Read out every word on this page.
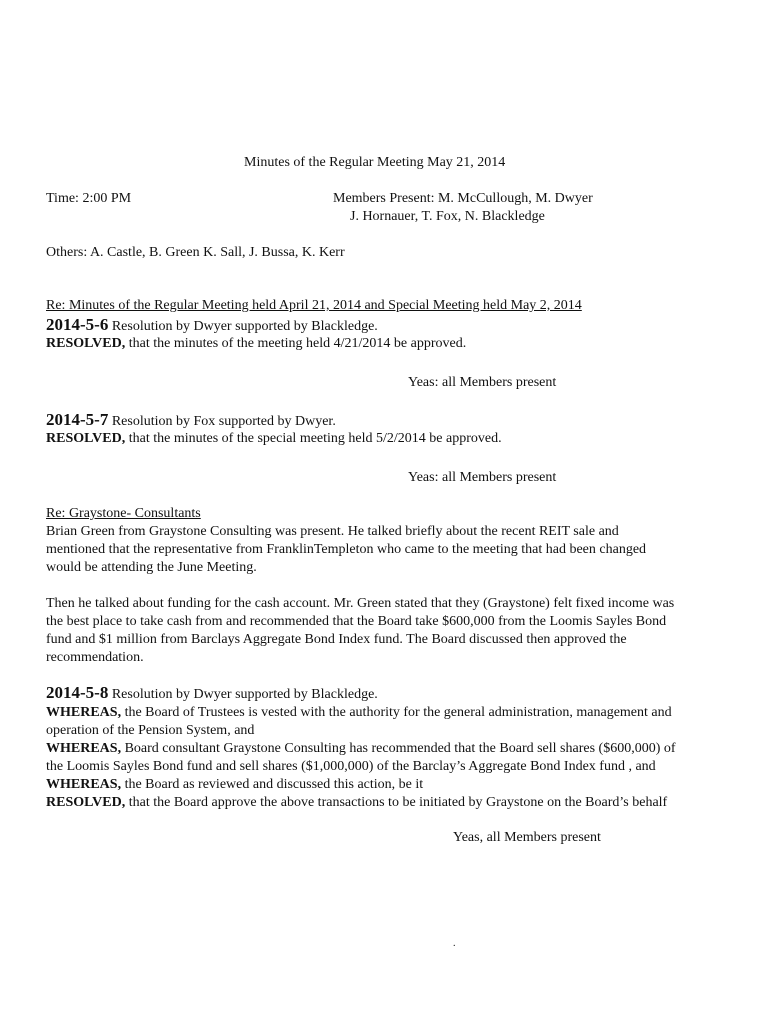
Minutes of the Regular Meeting May 21, 2014
Time: 2:00 PM	Members Present: M. McCullough, M. Dwyer
J. Hornauer, T. Fox, N. Blackledge
Others: A. Castle, B. Green K. Sall, J. Bussa, K. Kerr
Re: Minutes of the Regular Meeting held April 21, 2014 and Special Meeting held May 2, 2014
2014-5-6 Resolution by Dwyer supported by Blackledge.
RESOLVED, that the minutes of the meeting held 4/21/2014 be approved.
Yeas: all Members present
2014-5-7 Resolution by Fox supported by Dwyer.
RESOLVED, that the minutes of the special meeting held 5/2/2014 be approved.
Yeas: all Members present
Re: Graystone- Consultants
Brian Green from Graystone Consulting was present. He talked briefly about the recent REIT sale and
mentioned that the representative from FranklinTempleton who came to the meeting that had been changed
would be attending the June Meeting.
Then he talked about funding for the cash account. Mr. Green stated that they (Graystone) felt fixed income was
the best place to take cash from and recommended that the Board take $600,000 from the Loomis Sayles Bond
fund and $1 million from Barclays Aggregate Bond Index fund. The Board discussed then approved the
recommendation.
2014-5-8 Resolution by Dwyer supported by Blackledge.
WHEREAS, the Board of Trustees is vested with the authority for the general administration, management and
operation of the Pension System, and
WHEREAS, Board consultant Graystone Consulting has recommended that the Board sell shares ($600,000) of
the Loomis Sayles Bond fund and sell shares ($1,000,000) of the Barclay’s Aggregate Bond Index fund , and
WHEREAS, the Board as reviewed and discussed this action, be it
RESOLVED, that the Board approve the above transactions to be initiated by Graystone on the Board’s behalf
Yeas, all Members present
.
